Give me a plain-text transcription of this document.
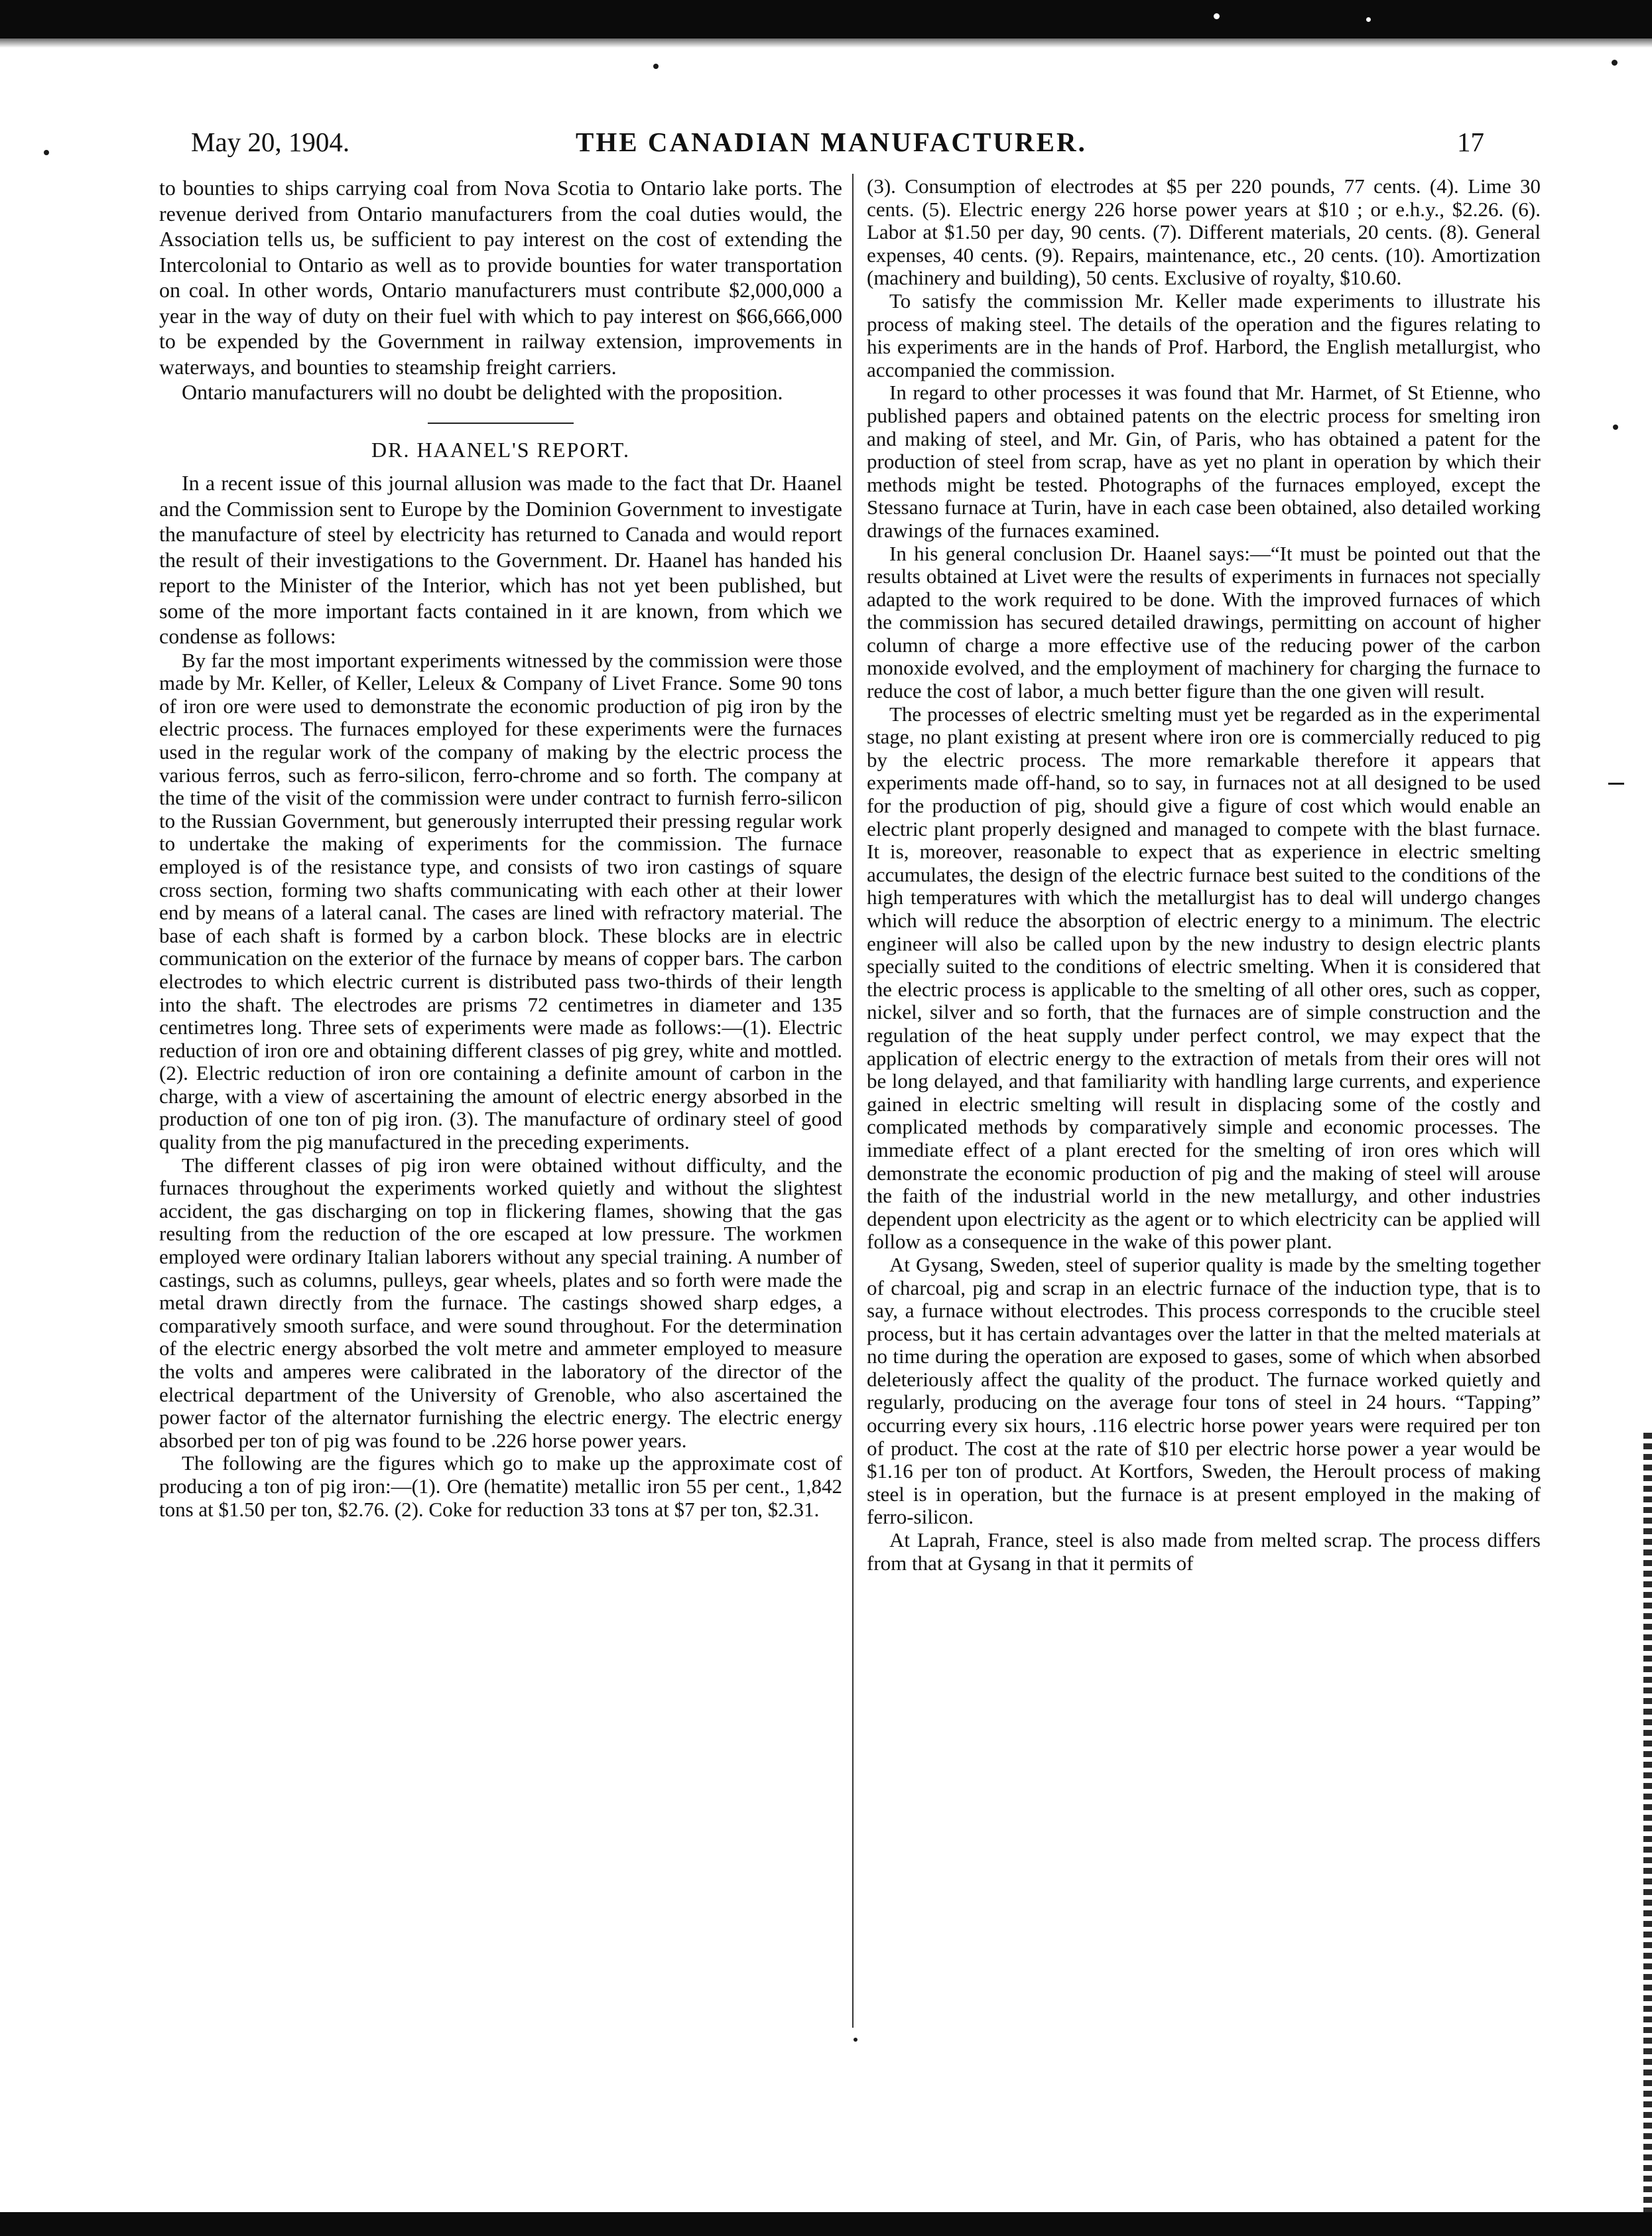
May 20, 1904.	THE CANADIAN MANUFACTURER.	17

to bounties to ships carrying coal from Nova Scotia to Ontario lake ports. The revenue derived from Ontario manufacturers from the coal duties would, the Association tells us, be sufficient to pay interest on the cost of extending the Intercolonial to Ontario as well as to provide bounties for water transportation on coal. In other words, Ontario manufacturers must contribute $2,000,000 a year in the way of duty on their fuel with which to pay interest on $66,666,000 to be expended by the Government in railway extension, improvements in waterways, and bounties to steamship freight carriers.

Ontario manufacturers will no doubt be delighted with the proposition.

DR. HAANEL'S REPORT.

In a recent issue of this journal allusion was made to the fact that Dr. Haanel and the Commission sent to Europe by the Dominion Government to investigate the manufacture of steel by electricity has returned to Canada and would report the result of their investigations to the Government. Dr. Haanel has handed his report to the Minister of the Interior, which has not yet been published, but some of the more important facts contained in it are known, from which we condense as follows:

By far the most important experiments witnessed by the commission were those made by Mr. Keller, of Keller, Leleux & Company of Livet France. Some 90 tons of iron ore were used to demonstrate the economic production of pig iron by the electric process. The furnaces employed for these experiments were the furnaces used in the regular work of the company of making by the electric process the various ferros, such as ferro-silicon, ferro-chrome and so forth. The company at the time of the visit of the commission were under contract to furnish ferro-silicon to the Russian Government, but generously interrupted their pressing regular work to undertake the making of experiments for the commission. The furnace employed is of the resistance type, and consists of two iron castings of square cross section, forming two shafts communicating with each other at their lower end by means of a lateral canal. The cases are lined with refractory material. The base of each shaft is formed by a carbon block. These blocks are in electric communication on the exterior of the furnace by means of copper bars. The carbon electrodes to which electric current is distributed pass two-thirds of their length into the shaft. The electrodes are prisms 72 centimetres in diameter and 135 centimetres long. Three sets of experiments were made as follows:—(1). Electric reduction of iron ore and obtaining different classes of pig grey, white and mottled. (2). Electric reduction of iron ore containing a definite amount of carbon in the charge, with a view of ascertaining the amount of electric energy absorbed in the production of one ton of pig iron. (3). The manufacture of ordinary steel of good quality from the pig manufactured in the preceding experiments.

The different classes of pig iron were obtained without difficulty, and the furnaces throughout the experiments worked quietly and without the slightest accident, the gas discharging on top in flickering flames, showing that the gas resulting from the reduction of the ore escaped at low pressure. The workmen employed were ordinary Italian laborers without any special training. A number of castings, such as columns, pulleys, gear wheels, plates and so forth were made the metal drawn directly from the furnace. The castings showed sharp edges, a comparatively smooth surface, and were sound throughout. For the determination of the electric energy absorbed the volt metre and ammeter employed to measure the volts and amperes were calibrated in the laboratory of the director of the electrical department of the University of Grenoble, who also ascertained the power factor of the alternator furnishing the electric energy. The electric energy absorbed per ton of pig was found to be .226 horse power years.

The following are the figures which go to make up the approximate cost of producing a ton of pig iron:—(1). Ore (hematite) metallic iron 55 per cent., 1,842 tons at $1.50 per ton, $2.76. (2). Coke for reduction 33 tons at $7 per ton, $2.31.

(3). Consumption of electrodes at $5 per 220 pounds, 77 cents. (4). Lime 30 cents. (5). Electric energy 226 horse power years at $10 ; or e.h.y., $2.26. (6). Labor at $1.50 per day, 90 cents. (7). Different materials, 20 cents. (8). General expenses, 40 cents. (9). Repairs, maintenance, etc., 20 cents. (10). Amortization (machinery and building), 50 cents. Exclusive of royalty, $10.60.

To satisfy the commission Mr. Keller made experiments to illustrate his process of making steel. The details of the operation and the figures relating to his experiments are in the hands of Prof. Harbord, the English metallurgist, who accompanied the commission.

In regard to other processes it was found that Mr. Harmet, of St Etienne, who published papers and obtained patents on the electric process for smelting iron and making of steel, and Mr. Gin, of Paris, who has obtained a patent for the production of steel from scrap, have as yet no plant in operation by which their methods might be tested. Photographs of the furnaces employed, except the Stessano furnace at Turin, have in each case been obtained, also detailed working drawings of the furnaces examined.

In his general conclusion Dr. Haanel says:—“It must be pointed out that the results obtained at Livet were the results of experiments in furnaces not specially adapted to the work required to be done. With the improved furnaces of which the commission has secured detailed drawings, permitting on account of higher column of charge a more effective use of the reducing power of the carbon monoxide evolved, and the employment of machinery for charging the furnace to reduce the cost of labor, a much better figure than the one given will result.

The processes of electric smelting must yet be regarded as in the experimental stage, no plant existing at present where iron ore is commercially reduced to pig by the electric process. The more remarkable therefore it appears that experiments made off-hand, so to say, in furnaces not at all designed to be used for the production of pig, should give a figure of cost which would enable an electric plant properly designed and managed to compete with the blast furnace. It is, moreover, reasonable to expect that as experience in electric smelting accumulates, the design of the electric furnace best suited to the conditions of the high temperatures with which the metallurgist has to deal will undergo changes which will reduce the absorption of electric energy to a minimum. The electric engineer will also be called upon by the new industry to design electric plants specially suited to the conditions of electric smelting. When it is considered that the electric process is applicable to the smelting of all other ores, such as copper, nickel, silver and so forth, that the furnaces are of simple construction and the regulation of the heat supply under perfect control, we may expect that the application of electric energy to the extraction of metals from their ores will not be long delayed, and that familiarity with handling large currents, and experience gained in electric smelting will result in displacing some of the costly and complicated methods by comparatively simple and economic processes. The immediate effect of a plant erected for the smelting of iron ores which will demonstrate the economic production of pig and the making of steel will arouse the faith of the industrial world in the new metallurgy, and other industries dependent upon electricity as the agent or to which electricity can be applied will follow as a consequence in the wake of this power plant.

At Gysang, Sweden, steel of superior quality is made by the smelting together of charcoal, pig and scrap in an electric furnace of the induction type, that is to say, a furnace without electrodes. This process corresponds to the crucible steel process, but it has certain advantages over the latter in that the melted materials at no time during the operation are exposed to gases, some of which when absorbed deleteriously affect the quality of the product. The furnace worked quietly and regularly, producing on the average four tons of steel in 24 hours. “Tapping” occurring every six hours, .116 electric horse power years were required per ton of product. The cost at the rate of $10 per electric horse power a year would be $1.16 per ton of product. At Kortfors, Sweden, the Heroult process of making steel is in operation, but the furnace is at present employed in the making of ferro-silicon.

At Laprah, France, steel is also made from melted scrap. The process differs from that at Gysang in that it permits of
